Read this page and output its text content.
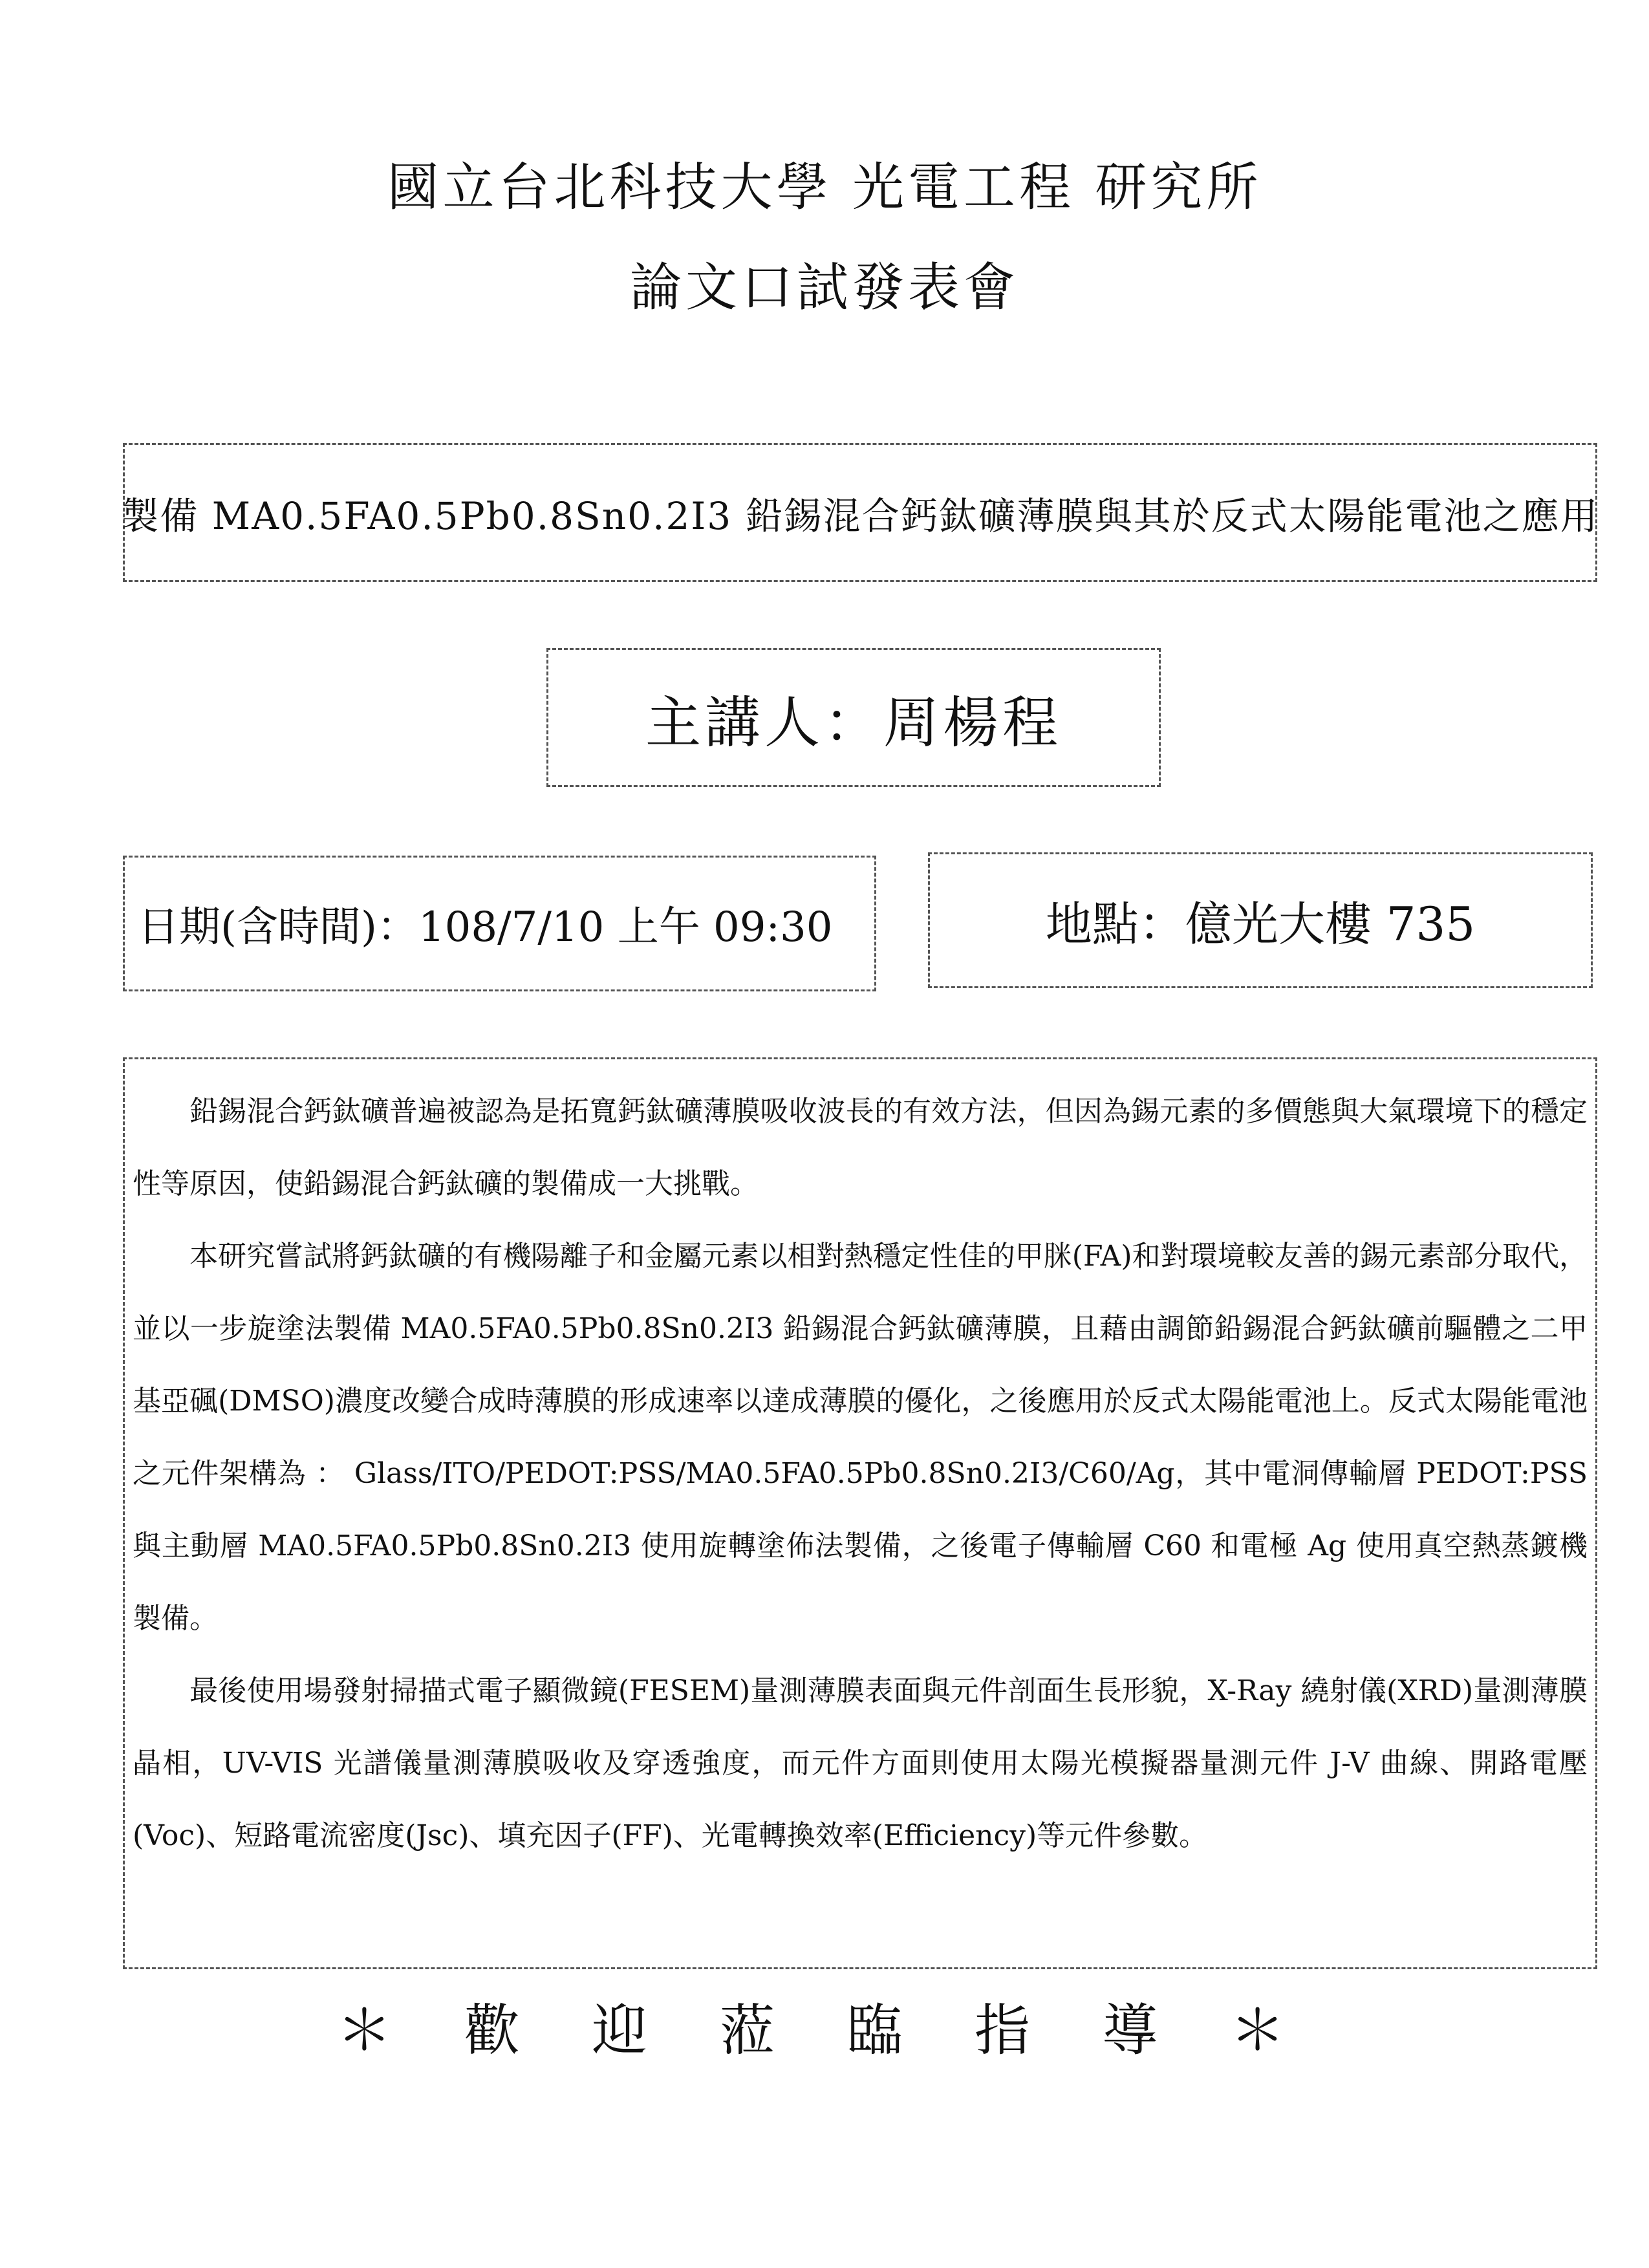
國立台北科技大學 光電工程 研究所
論文口試發表會
製備 MA0.5FA0.5Pb0.8Sn0.2I3 鉛錫混合鈣鈦礦薄膜與其於反式太陽能電池之應用
主講人： 周楊程
日期(含時間)： 108/7/10 上午 09:30	地點： 億光大樓 735

鉛錫混合鈣鈦礦普遍被認為是拓寬鈣鈦礦薄膜吸收波長的有效方法，但因為錫元素的多價態與大氣環境下的穩定性等原因，使鉛錫混合鈣鈦礦的製備成一大挑戰。

本研究嘗試將鈣鈦礦的有機陽離子和金屬元素以相對熱穩定性佳的甲脒(FA)和對環境較友善的錫元素部分取代，並以一步旋塗法製備 MA0.5FA0.5Pb0.8Sn0.2I3 鉛錫混合鈣鈦礦薄膜，且藉由調節鉛錫混合鈣鈦礦前驅體之二甲基亞碸(DMSO)濃度改變合成時薄膜的形成速率以達成薄膜的優化，之後應用於反式太陽能電池上。反式太陽能電池之元件架構為 ： Glass/ITO/PEDOT:PSS/MA0.5FA0.5Pb0.8Sn0.2I3/C60/Ag，其中電洞傳輸層 PEDOT:PSS 與主動層 MA0.5FA0.5Pb0.8Sn0.2I3 使用旋轉塗佈法製備，之後電子傳輸層 C60 和電極 Ag 使用真空熱蒸鍍機製備。

最後使用場發射掃描式電子顯微鏡(FESEM)量測薄膜表面與元件剖面生長形貌，X-Ray 繞射儀(XRD)量測薄膜晶相，UV-VIS 光譜儀量測薄膜吸收及穿透強度，而元件方面則使用太陽光模擬器量測元件 J-V 曲線、開路電壓(Voc)、短路電流密度(Jsc)、填充因子(FF)、光電轉換效率(Efficiency)等元件參數。

＊ 歡 迎 蒞 臨 指 導 ＊
